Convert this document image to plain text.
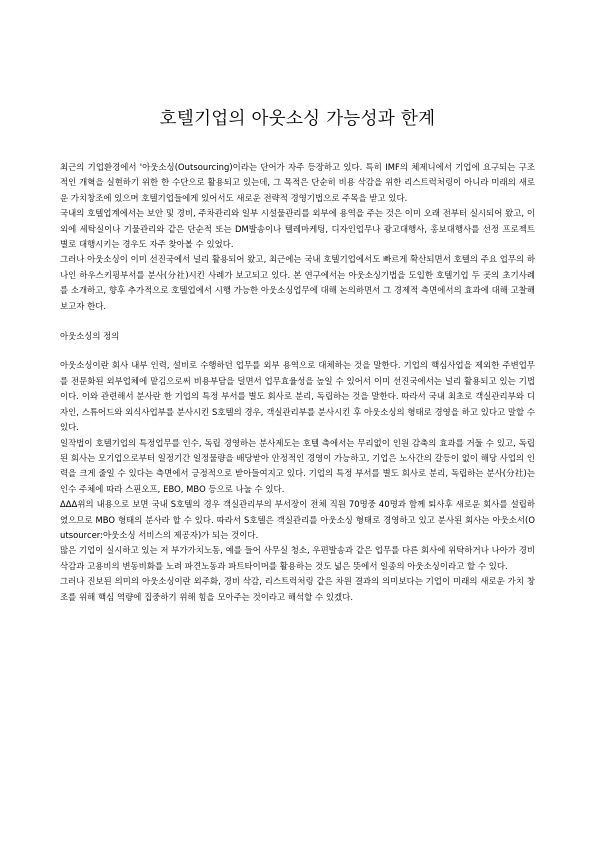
호텔기업의 아웃소싱 가능성과 한계

최근의 기업환경에서 '아웃소싱(Outsourcing)이라는 단어가 자주 등장하고 있다. 특히 IMF의 체제니에서 기업에 요구되는 구조적인 개혁을 실현하기 위한 한 수단으로 활용되고 있는데, 그 목적은 단순히 비용 삭감을 위한 리스트럭처링이 아니라 미래의 새로운 가치창조에 있으며 호텔기업들에게 있어서도 새로운 전략적 경영기법으로 주목을 받고 있다.

국내의 호텔업계에서는 보안 및 경비, 주차관리와 일부 시설물관리를 외부에 용역을 주는 것은 이미 오래 전부터 실시되어 왔고, 이외에 세탁실이나 기물관리와 같은 단순적 또는 DM발송이나 텔레마케팅, 디자인업무나 광고대행사, 홍보대행사를 선정 프로젝트별로 대행시키는 경우도 자주 찾아볼 수 있었다.

그러나 아웃소싱이 이미 선진국에서 널리 활용되어 왔고, 최근에는 국내 호텔기업에서도 빠르게 확산되면서 호텔의 주요 업무의 하나인 하우스키핑부서를 분사(分社)시킨 사례가 보고되고 있다. 본 연구에서는 아웃소싱기법을 도입한 호텔기업 두 곳의 초기사례를 소개하고, 향후 추가적으로 호텔업에서 시행 가능한 아웃소싱업무에 대해 논의하면서 그 경제적 측면에서의 효과에 대해 고찰해 보고자 한다.

아웃소싱의 정의

아웃소싱이란 회사 내부 인력, 설비로 수행하던 업무를 외부 용역으로 대체하는 것을 말한다. 기업의 핵심사업을 제외한 주변업무를 전문화된 외부업체에 맡김으로써 비용부담을 덜면서 업무효율성을 높일 수 있어서 이미 선진국에서는 널리 활용되고 있는 기법이다. 이와 관련해서 분사란 한 기업의 특정 부서를 별도 회사로 분리, 독립하는 것을 말한다. 따라서 국내 최초로 객실관리부와 디자인, 스튜어드와 외식사업부를 분사시킨 S호텔의 경우, 객실관리부를 분사시킨 후 아웃소싱의 형태로 경영을 하고 있다고 말할 수 있다.

일작법이 호텔기업의 특정업무를 인수, 독립 경영하는 분사제도는 호텔 측에서는 무리없이 인원 감축의 효과를 거둘 수 있고, 독립된 회사는 모기업으로부터 일정기간 일정물량을 배당받아 안정적인 경영이 가능하고, 기업은 노사간의 갈등이 없이 해당 사업의 인력을 크게 줄일 수 있다는 측면에서 긍정적으로 받아들여지고 있다. 기업의 특정 부서를 별도 회사로 분리, 독립하는 분사(分社)는 인수 주체에 따라 스핀오프, EBO, MBO 등으로 나눌 수 있다.

ΔΔΔ위의 내용으로 보면 국내 S호텔의 경우 객실관리부의 부서장이 전체 직원 70명중 40명과 함께 퇴사후 새로운 회사를 설립하였으므로 MBO 형태의 분사라 할 수 있다. 따라서 S호텔은 객실관리를 아웃소싱 형태로 경영하고 있고 분사된 회사는 아웃소서(Outsourcer:아웃소싱 서비스의 제공자)가 되는 것이다.

많은 기업이 실시하고 있는 저 부가가치노동, 예를 들어 사무실 청소, 우편발송과 같은 업무를 다른 회사에 위탁하거나 나아가 경비삭감과 고용비의 변동비화를 노려 파견노동과 파트타이머를 활용하는 것도 넓은 뜻에서 일종의 아웃소싱이라고 할 수 있다.

그러나 진보된 의미의 아웃소싱이란 외주화, 경비 삭감, 리스트럭처링 같은 차원 결과의 의미보다는 기업이 미래의 새로운 가치 창조를 위해 핵심 역량에 집중하기 위해 힘을 모아주는 것이라고 해석할 수 있겠다.
